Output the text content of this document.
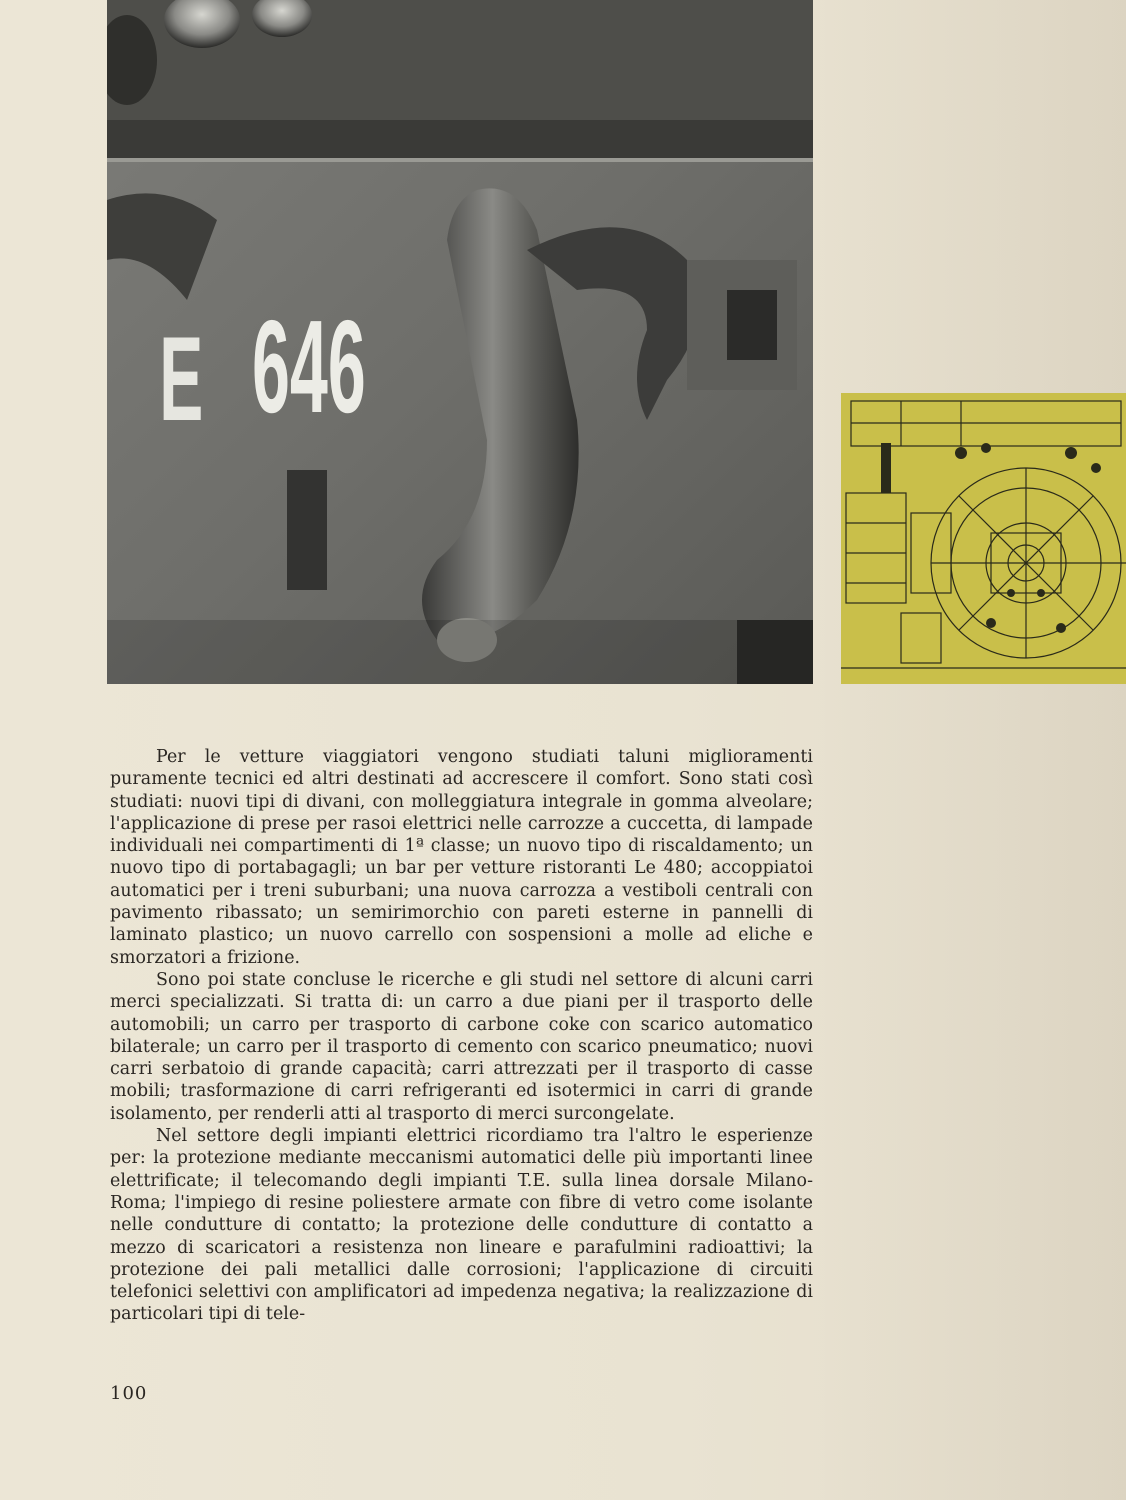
E 646

Per le vetture viaggiatori vengono studiati taluni miglioramenti puramente tecnici ed altri destinati ad accrescere il comfort. Sono stati così studiati: nuovi tipi di divani, con molleggiatura integrale in gomma alveolare; l'applicazione di prese per rasoi elettrici nelle carrozze a cuccetta, di lampade individuali nei compartimenti di 1ª classe; un nuovo tipo di riscaldamento; un nuovo tipo di portabagagli; un bar per vetture ristoranti Le 480; accoppiatoi automatici per i treni suburbani; una nuova carrozza a vestiboli centrali con pavimento ribassato; un semirimorchio con pareti esterne in pannelli di laminato plastico; un nuovo carrello con sospensioni a molle ad eliche e smorzatori a frizione.

Sono poi state concluse le ricerche e gli studi nel settore di alcuni carri merci specializzati. Si tratta di: un carro a due piani per il trasporto delle automobili; un carro per trasporto di carbone coke con scarico automatico bilaterale; un carro per il trasporto di cemento con scarico pneumatico; nuovi carri serbatoio di grande capacità; carri attrezzati per il trasporto di casse mobili; trasformazione di carri refrigeranti ed isotermici in carri di grande isolamento, per renderli atti al trasporto di merci surcongelate.

Nel settore degli impianti elettrici ricordiamo tra l'altro le esperienze per: la protezione mediante meccanismi automatici delle più importanti linee elettrificate; il telecomando degli impianti T.E. sulla linea dorsale Milano-Roma; l'impiego di resine poliestere armate con fibre di vetro come isolante nelle condutture di contatto; la protezione delle condutture di contatto a mezzo di scaricatori a resistenza non lineare e parafulmini radioattivi; la protezione dei pali metallici dalle corrosioni; l'applicazione di circuiti telefonici selettivi con amplificatori ad impedenza negativa; la realizzazione di particolari tipi di tele-

100
